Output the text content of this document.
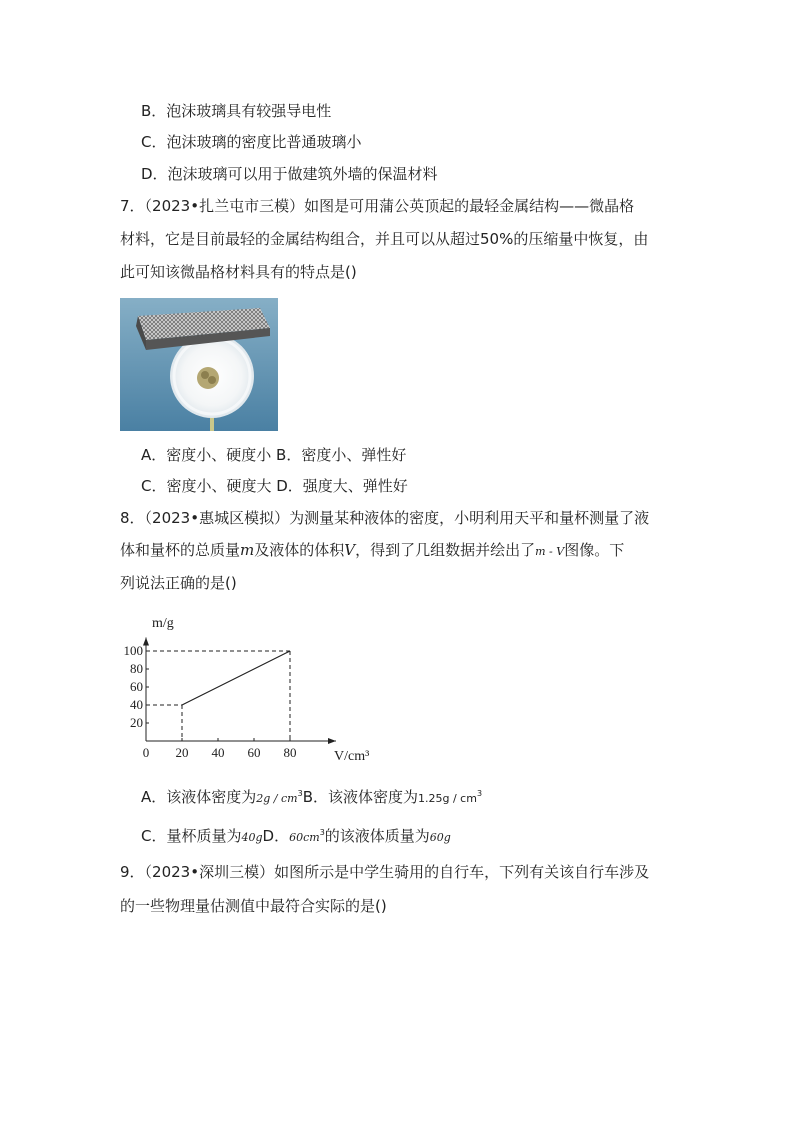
B．泡沫玻璃具有较强导电性
C．泡沫玻璃的密度比普通玻璃小
D．泡沫玻璃可以用于做建筑外墙的保温材料
7．（2023•扎兰屯市三模）如图是可用蒲公英顶起的最轻金属结构——微晶格
材料，它是目前最轻的金属结构组合，并且可以从超过50%的压缩量中恢复，由
此可知该微晶格材料具有的特点是()
A．密度小、硬度小 B．密度小、弹性好
C．密度小、硬度大 D．强度大、弹性好
8．（2023•惠城区模拟）为测量某种液体的密度，小明利用天平和量杯测量了液
体和量杯的总质量m及液体的体积V，得到了几组数据并绘出了m - V图像。下
列说法正确的是()
0 20 40 60 80
20
40
60
80
100
m/g
V/cm³
A．该液体密度为$2g / cm^3B$．该液体密度为$1.25g / cm^3$
C．量杯质量为40gD．$60cm^3$的该液体质量为60g
9．（2023•深圳三模）如图所示是中学生骑用的自行车，下列有关该自行车涉及
的一些物理量估测值中最符合实际的是()
